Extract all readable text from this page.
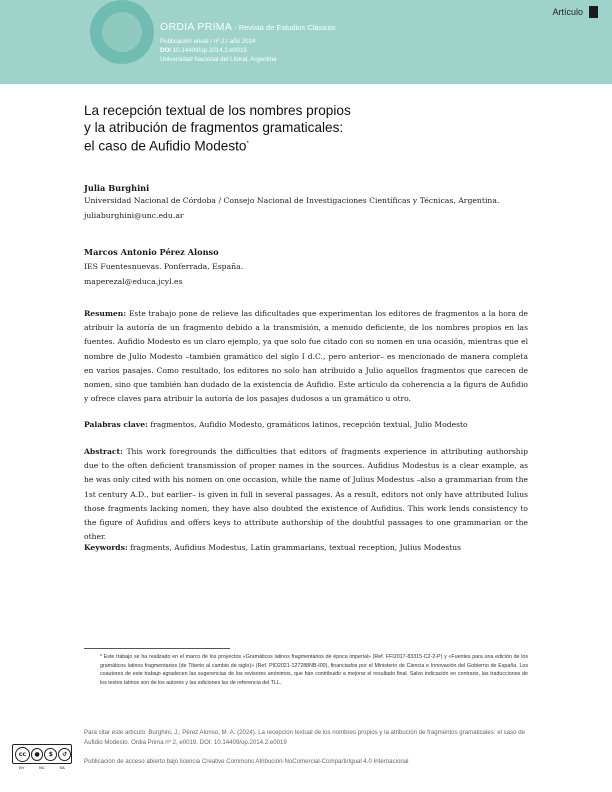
ORDIA PRIMA - Revista de Estudios Clásicos
Publicación anual / nº 2 / año 2024
DOI 10.14409/op.2014.2.e0019
Universidad Nacional del Litoral, Argentina
Artículo
La recepción textual de los nombres propios
y la atribución de fragmentos gramaticales:
el caso de Aufidio Modesto*
Julia Burghini
Universidad Nacional de Córdoba / Consejo Nacional de Investigaciones Científicas y Técnicas, Argentina.
juliaburghini@unc.edu.ar
Marcos Antonio Pérez Alonso
IES Fuentesnuevas. Ponferrada, España.
maperezal@educa.jcyl.es
Resumen: Este trabajo pone de relieve las dificultades que experimentan los editores de fragmentos a la hora de atribuir la autoría de un fragmento debido a la transmisión, a menudo deficiente, de los nombres propios en las fuentes. Aufidio Modesto es un claro ejemplo, ya que solo fue citado con su nomen en una ocasión, mientras que el nombre de Julio Modesto –también gramático del siglo I d.C., pero anterior– es mencionado de manera completa en varios pasajes. Como resultado, los editores no solo han atribuido a Julio aquellos fragmentos que carecen de nomen, sino que también han dudado de la existencia de Aufidio. Este artículo da coherencia a la figura de Aufidio y ofrece claves para atribuir la autoría de los pasajes dudosos a un gramático u otro.
Palabras clave: fragmentos, Aufidio Modesto, gramáticos latinos, recepción textual, Julio Modesto
Abstract: This work foregrounds the difficulties that editors of fragments experience in attributing authorship due to the often deficient transmission of proper names in the sources. Aufidius Modestus is a clear example, as he was only cited with his nomen on one occasion, while the name of Julius Modestus –also a grammarian from the 1st century A.D., but earlier– is given in full in several passages. As a result, editors not only have attributed Iulius those fragments lacking nomen, they have also doubted the existence of Aufidius. This work lends consistency to the figure of Aufidius and offers keys to attribute authorship of the doubtful passages to one grammarian or the other.
Keywords: fragments, Aufidius Modestus, Latin grammarians, textual reception, Julius Modestus
* Este trabajo se ha realizado en el marco de los proyectos «Gramáticos latinos fragmentarios de época imperial» (Ref. FFI2017-83315-C2-2-P) y «Fuentes para una edición de los gramáticos latinos fragmentarios (de Tiberio al cambio de siglo)» (Ref. PID2021-127288NB-I00), financiados por el Ministerio de Ciencia e Innovación del Gobierno de España. Los coautores de este trabajo agradecen las sugerencias de los revisores anónimos, que han contribuido a mejorar el resultado final. Salvo indicación en contrario, las traducciones de los textos latinos son de los autores y las ediciones las de referencia del TLL.
Para citar este artículo: Burghini, J.; Pérez Alonso, M. A. (2024). La recepción textual de los nombres propios y la atribución de fragmentos gramaticales: el caso de Aufidio Modesto. Ordia Prima nº 2, e0019. DOI: 10.14409/op.2014.2.e0019
cc	●	$	↺
BY	NC	SA
Publicación de acceso abierto bajo licencia Creative Commons Atribución-NoComercial-CompartirIgual 4.0 Internacional
